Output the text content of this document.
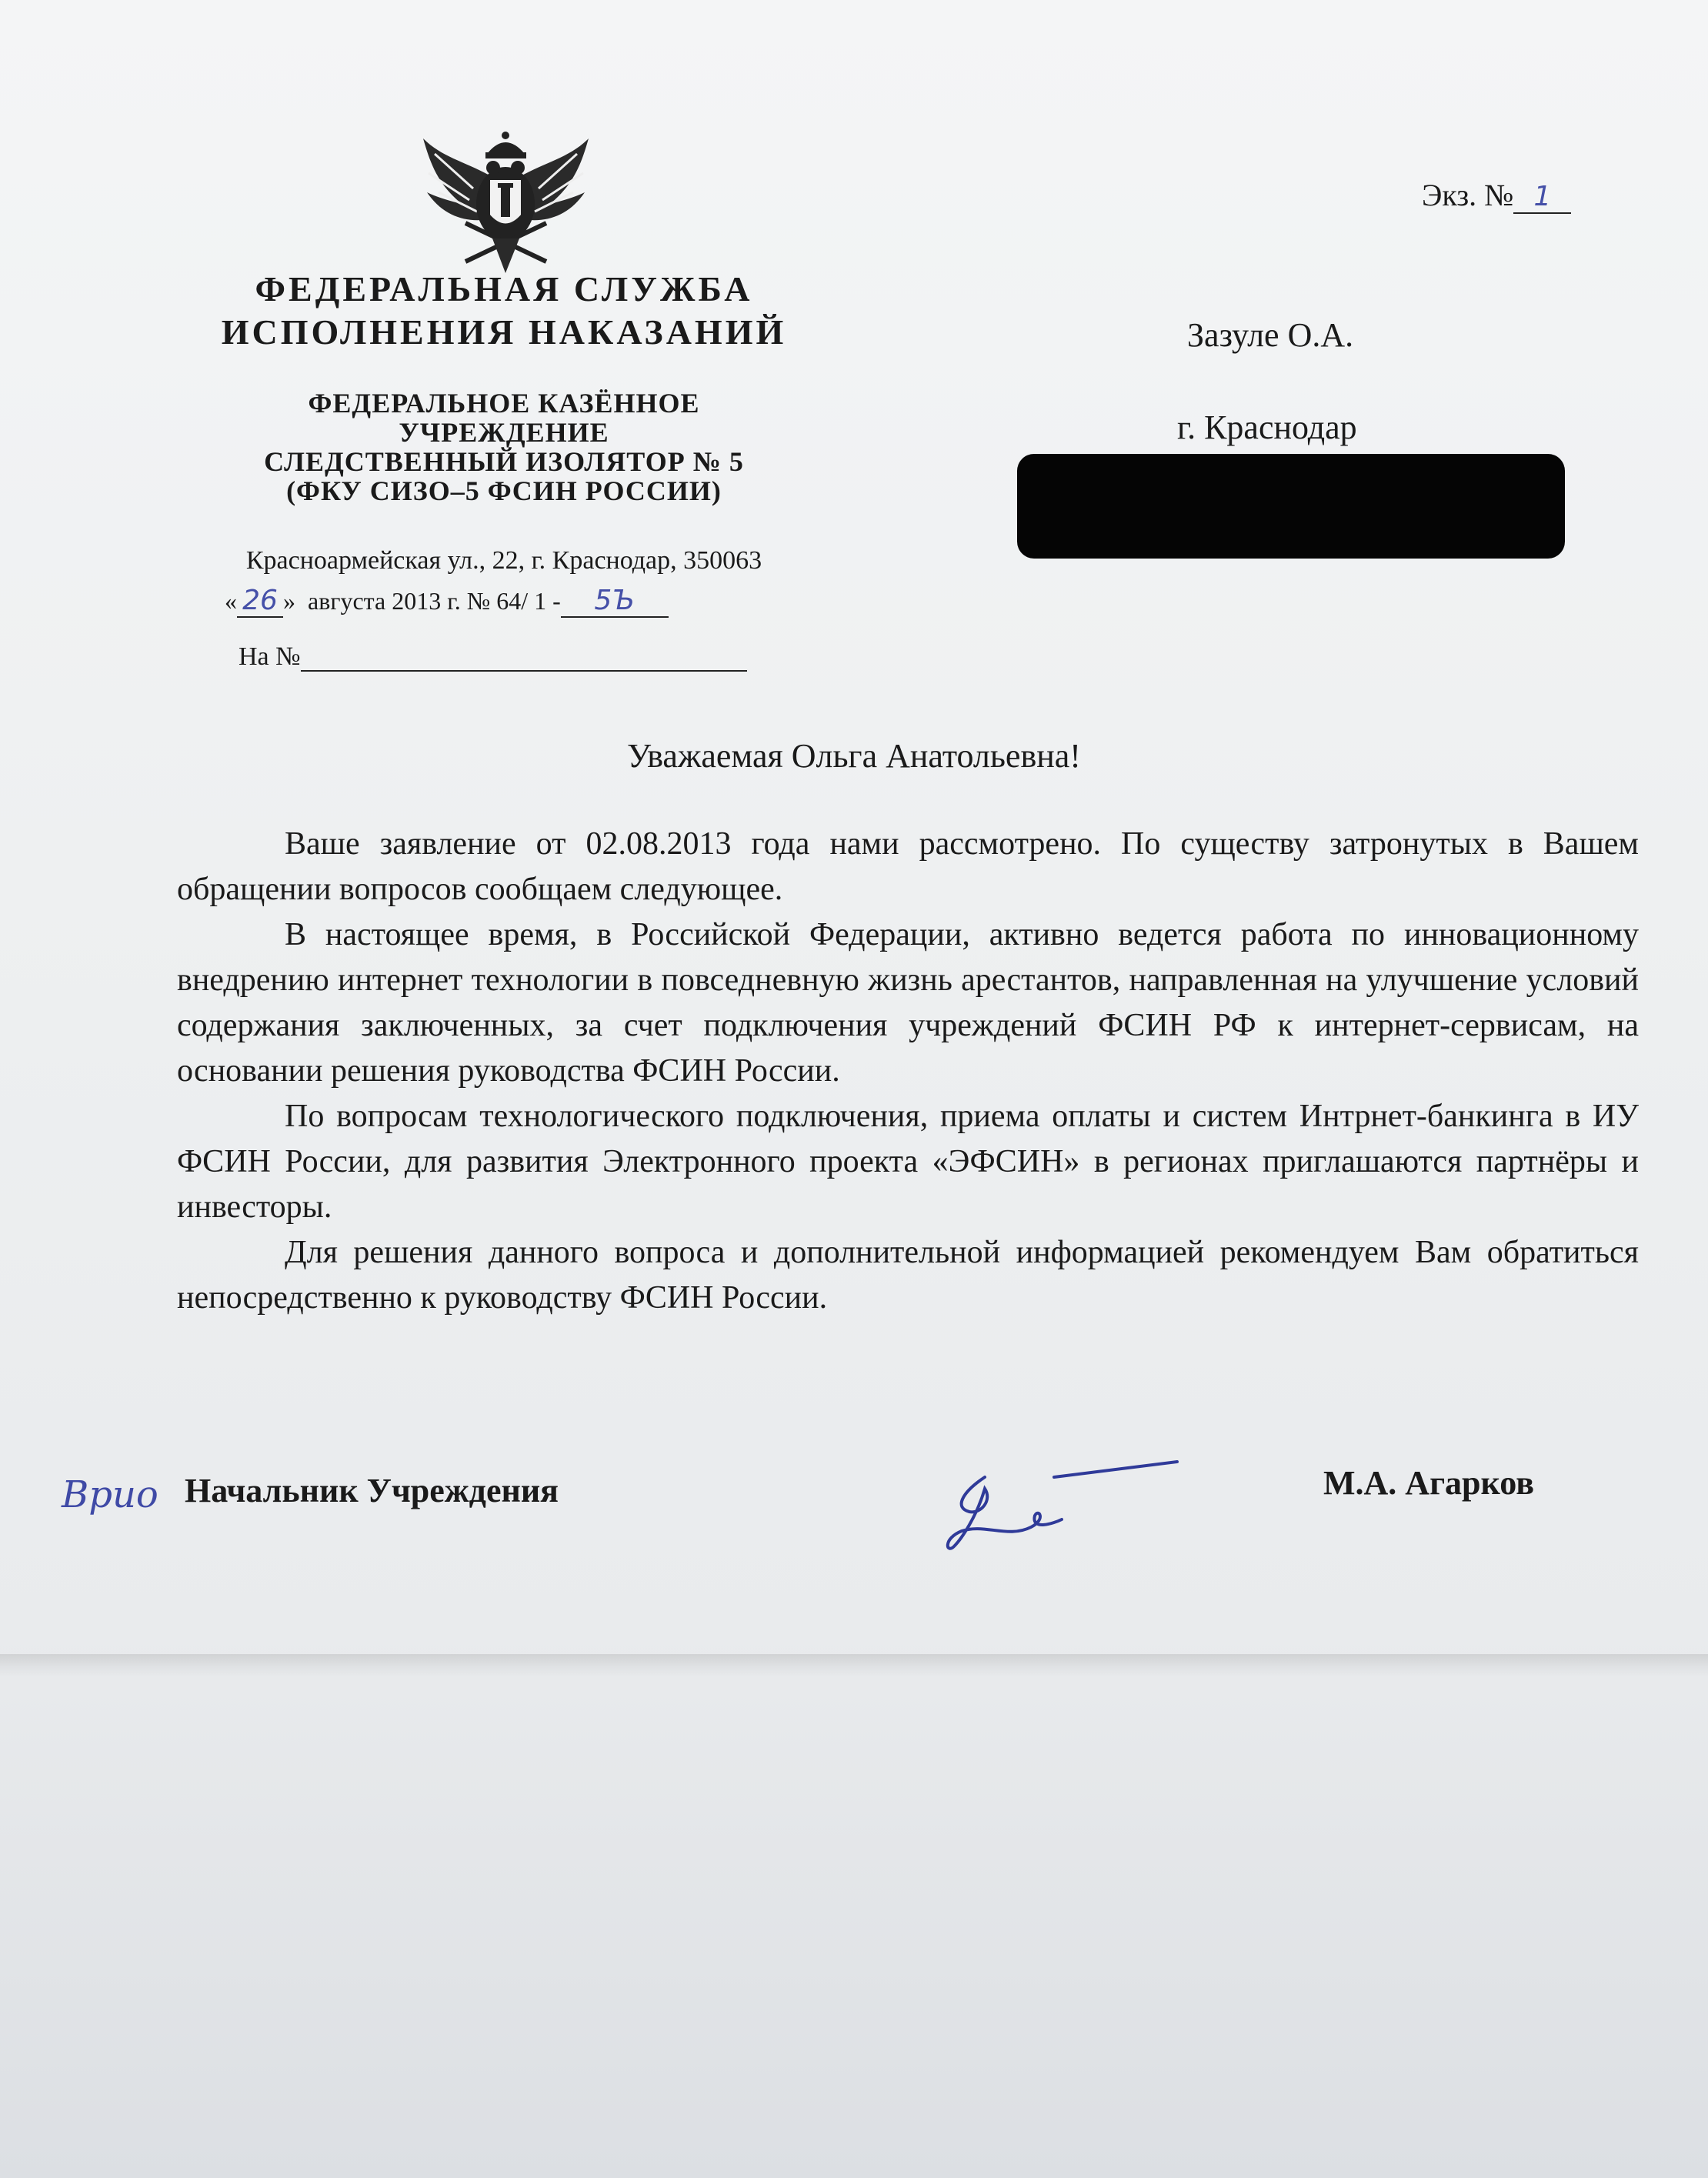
ФЕДЕРАЛЬНАЯ СЛУЖБА
ИСПОЛНЕНИЯ НАКАЗАНИЙ
ФЕДЕРАЛЬНОЕ КАЗЁННОЕ
УЧРЕЖДЕНИЕ
СЛЕДСТВЕННЫЙ ИЗОЛЯТОР № 5
(ФКУ СИЗО–5 ФСИН РОССИИ)
Красноармейская ул., 22, г. Краснодар, 350063
« 26 » августа 2013 г. № 64/ 1 - 5Ъ
На №
Экз. № 1
Зазуле О.А.
г. Краснодар
Уважаемая Ольга Анатольевна!

Ваше заявление от 02.08.2013 года нами рассмотрено. По существу затронутых в Вашем обращении вопросов сообщаем следующее.

В настоящее время, в Российской Федерации, активно ведется работа по инновационному внедрению интернет технологии в повседневную жизнь арестантов, направленная на улучшение условий содержания заключенных, за счет подключения учреждений ФСИН РФ к интернет-сервисам, на основании решения руководства ФСИН России.

По вопросам технологического подключения, приема оплаты и систем Интрнет-банкинга в ИУ ФСИН России, для развития Электронного проекта «ЭФСИН» в регионах приглашаются партнёры и инвесторы.

Для решения данного вопроса и дополнительной информацией рекомендуем Вам обратиться непосредственно к руководству ФСИН России.

Врио Начальник Учреждения	М.А. Агарков
